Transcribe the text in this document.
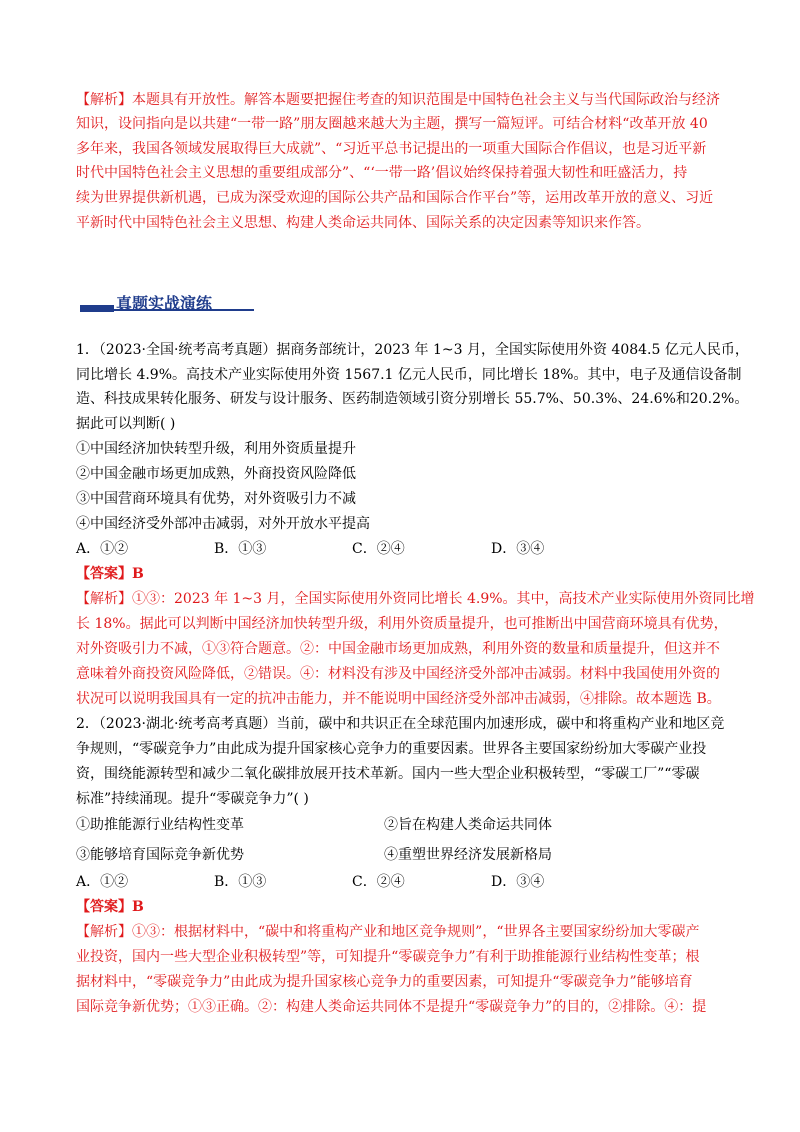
【解析】本题具有开放性。解答本题要把握住考查的知识范围是中国特色社会主义与当代国际政治与经济
知识，设问指向是以共建“一带一路”朋友圈越来越大为主题，撰写一篇短评。可结合材料“改革开放 40
多年来，我国各领域发展取得巨大成就”、“习近平总书记提出的一项重大国际合作倡议，也是习近平新
时代中国特色社会主义思想的重要组成部分”、“‘一带一路’倡议始终保持着强大韧性和旺盛活力，持
续为世界提供新机遇，已成为深受欢迎的国际公共产品和国际合作平台”等，运用改革开放的意义、习近
平新时代中国特色社会主义思想、构建人类命运共同体、国际关系的决定因素等知识来作答。
真题实战演练
1．（2023·全国·统考高考真题）据商务部统计，2023 年 1~3 月，全国实际使用外资 4084.5 亿元人民币，
同比增长 4.9%。高技术产业实际使用外资 1567.1 亿元人民币，同比增长 18%。其中，电子及通信设备制
造、科技成果转化服务、研发与设计服务、医药制造领域引资分别增长 55.7%、50.3%、24.6%和20.2%。
据此可以判断( )
①中国经济加快转型升级，利用外资质量提升
②中国金融市场更加成熟，外商投资风险降低
③中国营商环境具有优势，对外资吸引力不减
④中国经济受外部冲击减弱，对外开放水平提高
A．①②	B．①③	C．②④	D．③④
【答案】B
【解析】①③：2023 年 1~3 月，全国实际使用外资同比增长 4.9%。其中，高技术产业实际使用外资同比增
长 18%。据此可以判断中国经济加快转型升级，利用外资质量提升，也可推断出中国营商环境具有优势，
对外资吸引力不减，①③符合题意。②：中国金融市场更加成熟，利用外资的数量和质量提升，但这并不
意味着外商投资风险降低，②错误。④：材料没有涉及中国经济受外部冲击减弱。材料中我国使用外资的
状况可以说明我国具有一定的抗冲击能力，并不能说明中国经济受外部冲击减弱，④排除。故本题选 B。
2．（2023·湖北·统考高考真题）当前，碳中和共识正在全球范围内加速形成，碳中和将重构产业和地区竞
争规则，“零碳竞争力”由此成为提升国家核心竞争力的重要因素。世界各主要国家纷纷加大零碳产业投
资，围绕能源转型和减少二氧化碳排放展开技术革新。国内一些大型企业积极转型，“零碳工厂”“零碳
标准”持续涌现。提升“零碳竞争力”( )
①助推能源行业结构性变革	②旨在构建人类命运共同体
③能够培育国际竞争新优势	④重塑世界经济发展新格局
A．①②	B．①③	C．②④	D．③④
【答案】B
【解析】①③：根据材料中，“碳中和将重构产业和地区竞争规则”，“世界各主要国家纷纷加大零碳产
业投资，国内一些大型企业积极转型”等，可知提升“零碳竞争力”有利于助推能源行业结构性变革；根
据材料中，“零碳竞争力”由此成为提升国家核心竞争力的重要因素，可知提升“零碳竞争力”能够培育
国际竞争新优势；①③正确。②：构建人类命运共同体不是提升“零碳竞争力”的目的，②排除。④：提
